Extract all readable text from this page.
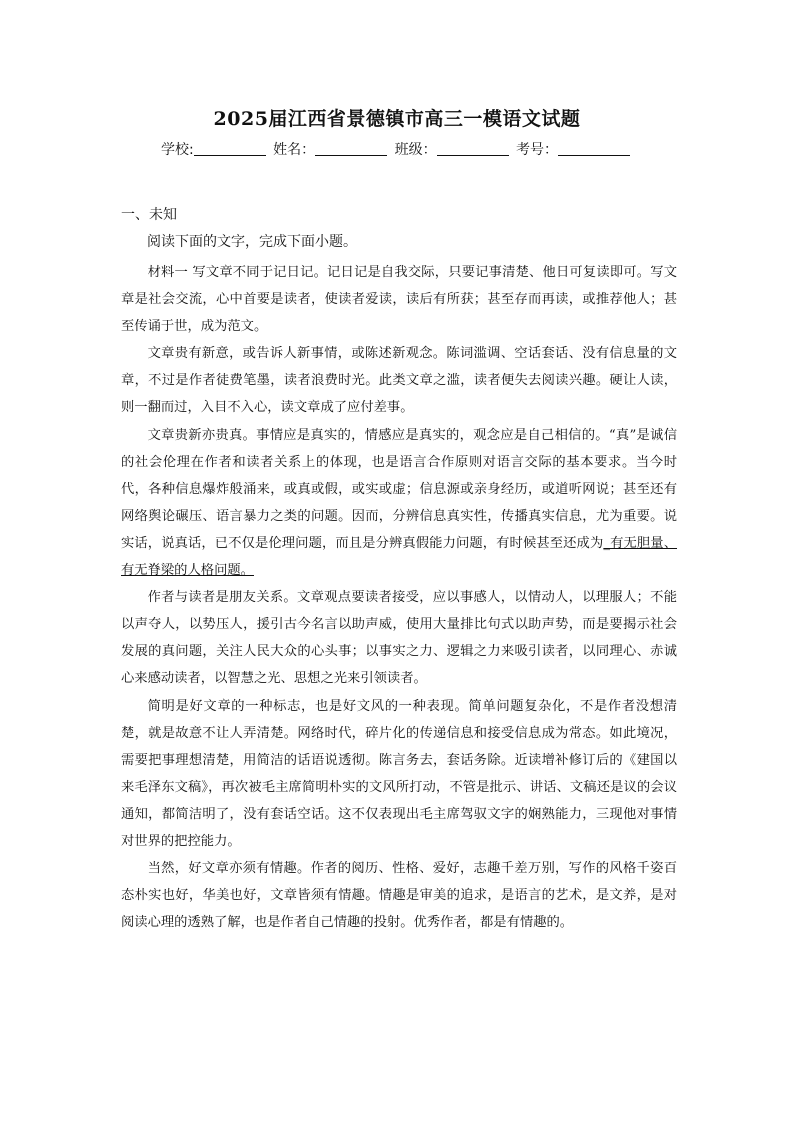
2025届江西省景德镇市高三一模语文试题
学校:	姓名：	班级：	考号：
一、未知
阅读下面的文字，完成下面小题。

材料一 写文章不同于记日记。记日记是自我交际，只要记事清楚、他日可复读即可。写文章是社会交流，心中首要是读者，使读者爱读，读后有所获；甚至存而再读，或推荐他人；甚至传诵于世，成为范文。

文章贵有新意，或告诉人新事情，或陈述新观念。陈词滥调、空话套话、没有信息量的文章，不过是作者徒费笔墨，读者浪费时光。此类文章之滥，读者便失去阅读兴趣。硬让人读，则一翻而过，入目不入心，读文章成了应付差事。

文章贵新亦贵真。事情应是真实的，情感应是真实的，观念应是自己相信的。“真”是诚信的社会伦理在作者和读者关系上的体现，也是语言合作原则对语言交际的基本要求。当今时代，各种信息爆炸般涌来，或真或假，或实或虚；信息源或亲身经历，或道听网说；甚至还有网络舆论碾压、语言暴力之类的问题。因而，分辨信息真实性，传播真实信息，尤为重要。说实话，说真话，已不仅是伦理问题，而且是分辨真假能力问题，有时候甚至还成为_有无胆量、有无脊梁的人格问题。

作者与读者是朋友关系。文章观点要读者接受，应以事感人，以情动人，以理服人；不能以声夺人，以势压人，援引古今名言以助声威，使用大量排比句式以助声势，而是要揭示社会发展的真问题，关注人民大众的心头事；以事实之力、逻辑之力来吸引读者，以同理心、赤诚心来感动读者，以智慧之光、思想之光来引领读者。

简明是好文章的一种标志，也是好文风的一种表现。简单问题复杂化，不是作者没想清楚，就是故意不让人弄清楚。网络时代，碎片化的传递信息和接受信息成为常态。如此境况，需要把事理想清楚，用简洁的话语说透彻。陈言务去，套话务除。近读增补修订后的《建国以来毛泽东文稿》，再次被毛主席简明朴实的文风所打动，不管是批示、讲话、文稿还是议的会议通知，都简洁明了，没有套话空话。这不仅表现出毛主席驾驭文字的娴熟能力，三现他对事情对世界的把控能力。

当然，好文章亦须有情趣。作者的阅历、性格、爱好，志趣千差万别，写作的风格千姿百态朴实也好，华美也好，文章皆须有情趣。情趣是审美的追求，是语言的艺术，是文养，是对阅读心理的透熟了解，也是作者自己情趣的投射。优秀作者，都是有情趣的。
